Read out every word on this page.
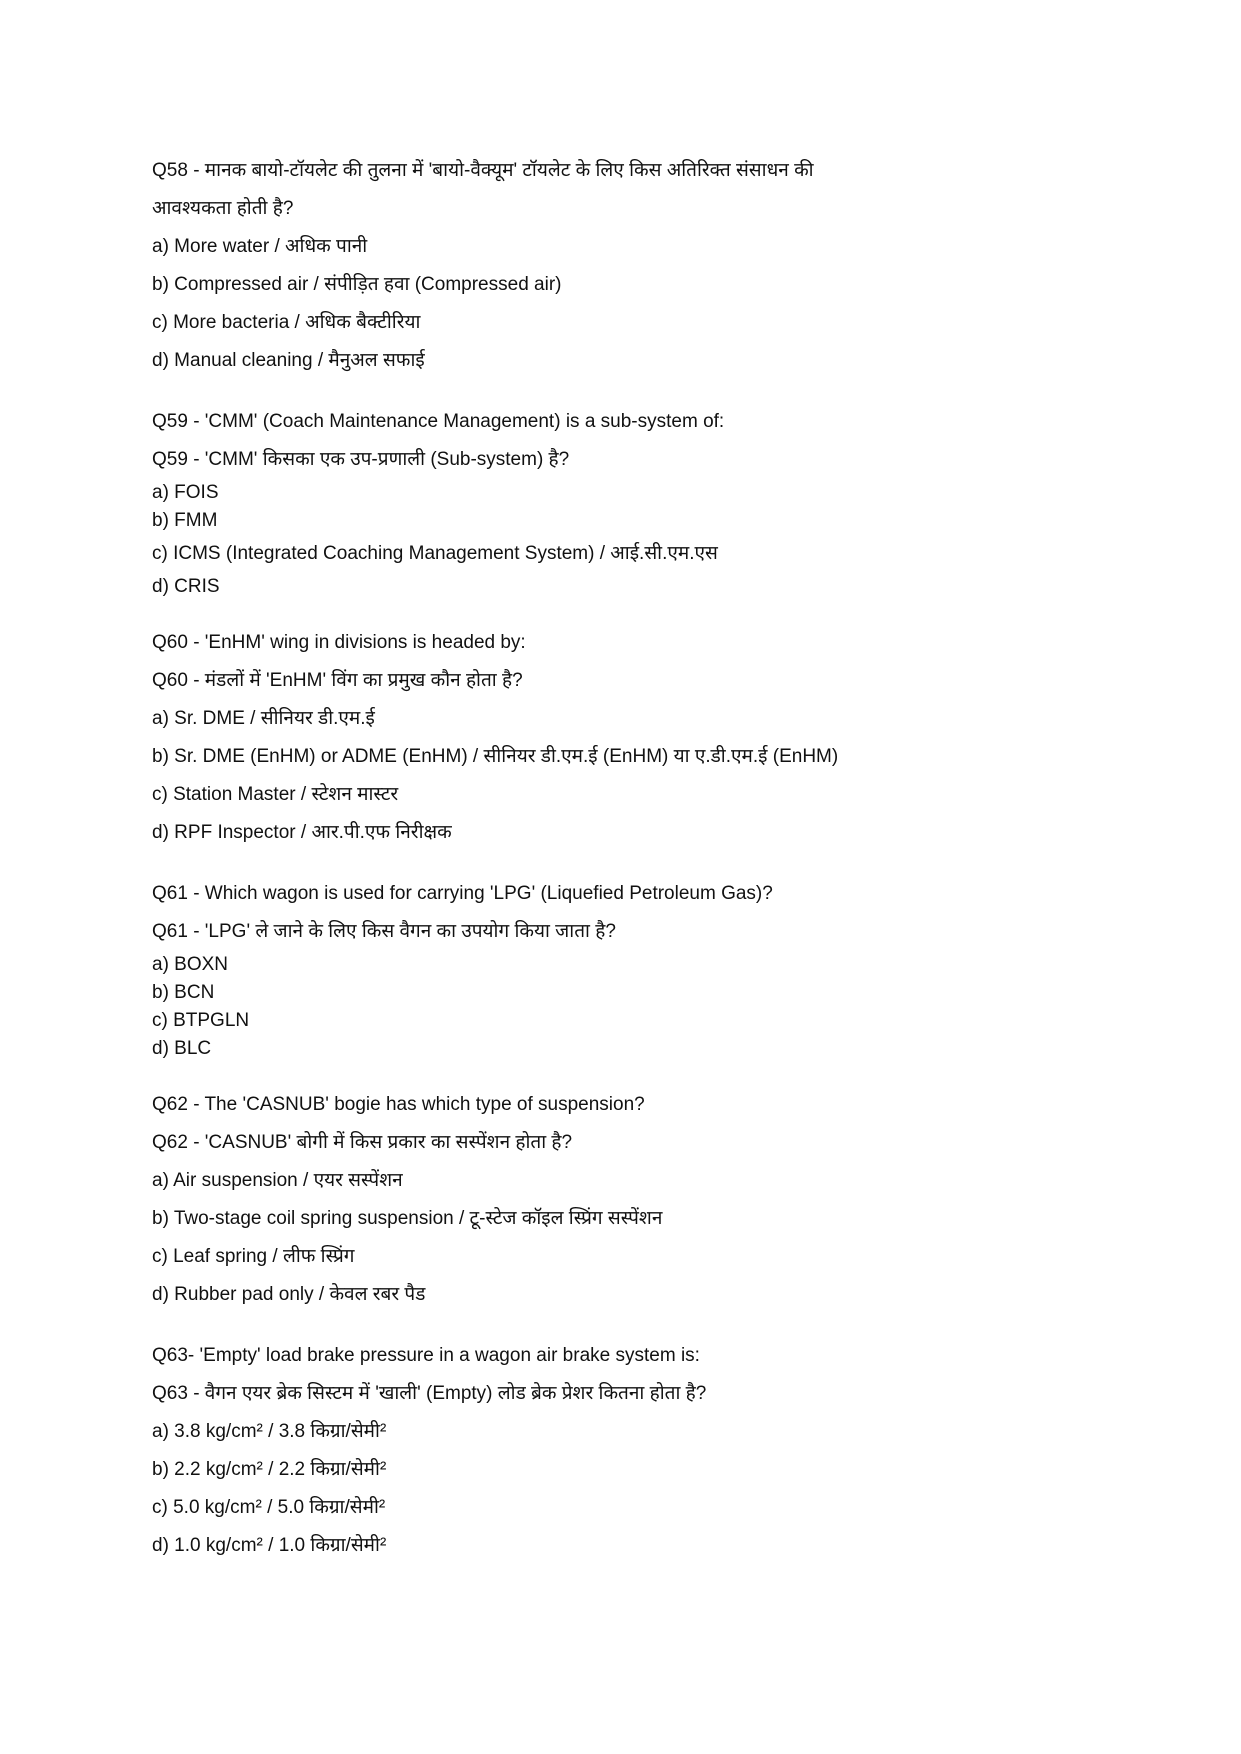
Q58 - मानक बायो-टॉयलेट की तुलना में 'बायो-वैक्यूम' टॉयलेट के लिए किस अतिरिक्त संसाधन की
आवश्यकता होती है?
a) More water / अधिक पानी
b) Compressed air / संपीड़ित हवा (Compressed air)
c) More bacteria / अधिक बैक्टीरिया
d) Manual cleaning / मैनुअल सफाई
Q59 - 'CMM' (Coach Maintenance Management) is a sub-system of:
Q59 - 'CMM' किसका एक उप-प्रणाली (Sub-system) है?
a) FOIS
b) FMM
c) ICMS (Integrated Coaching Management System) / आई.सी.एम.एस
d) CRIS
Q60 - 'EnHM' wing in divisions is headed by:
Q60 - मंडलों में 'EnHM' विंग का प्रमुख कौन होता है?
a) Sr. DME / सीनियर डी.एम.ई
b) Sr. DME (EnHM) or ADME (EnHM) / सीनियर डी.एम.ई (EnHM) या ए.डी.एम.ई (EnHM)
c) Station Master / स्टेशन मास्टर
d) RPF Inspector / आर.पी.एफ निरीक्षक
Q61 - Which wagon is used for carrying 'LPG' (Liquefied Petroleum Gas)?
Q61 - 'LPG' ले जाने के लिए किस वैगन का उपयोग किया जाता है?
a) BOXN
b) BCN
c) BTPGLN
d) BLC
Q62 - The 'CASNUB' bogie has which type of suspension?
Q62 - 'CASNUB' बोगी में किस प्रकार का सस्पेंशन होता है?
a) Air suspension / एयर सस्पेंशन
b) Two-stage coil spring suspension / टू-स्टेज कॉइल स्प्रिंग सस्पेंशन
c) Leaf spring / लीफ स्प्रिंग
d) Rubber pad only / केवल रबर पैड
Q63- 'Empty' load brake pressure in a wagon air brake system is:
Q63 - वैगन एयर ब्रेक सिस्टम में 'खाली' (Empty) लोड ब्रेक प्रेशर कितना होता है?
a) 3.8 kg/cm² / 3.8 किग्रा/सेमी²
b) 2.2 kg/cm² / 2.2 किग्रा/सेमी²
c) 5.0 kg/cm² / 5.0 किग्रा/सेमी²
d) 1.0 kg/cm² / 1.0 किग्रा/सेमी²
